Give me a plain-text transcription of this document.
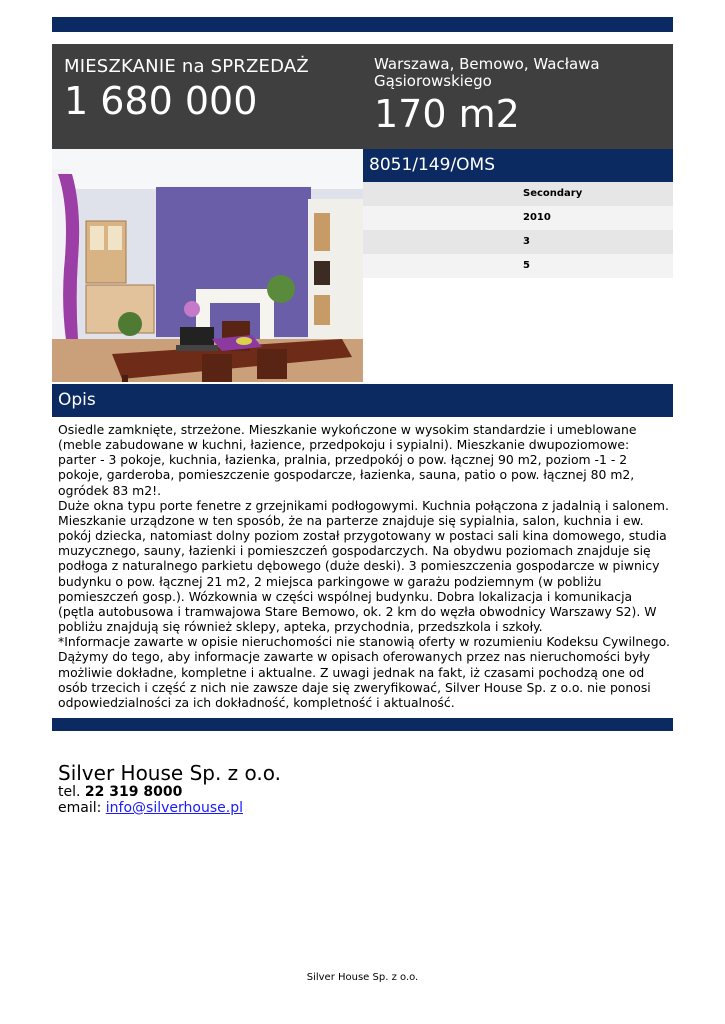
MIESZKANIE na SPRZEDAŻ
1 680 000
Warszawa, Bemowo, Wacława Gąsiorowskiego
170 m2
8051/149/OMS
Secondary
2010
3
5
Opis
Osiedle zamknięte, strzeżone. Mieszkanie wykończone w wysokim standardzie i umeblowane (meble zabudowane w kuchni, łazience, przedpokoju i sypialni). Mieszkanie dwupoziomowe: parter - 3 pokoje, kuchnia, łazienka, pralnia, przedpokój o pow. łącznej 90 m2, poziom -1 - 2 pokoje, garderoba, pomieszczenie gospodarcze, łazienka, sauna, patio o pow. łącznej 80 m2, ogródek 83 m2!.
Duże okna typu porte fenetre z grzejnikami podłogowymi. Kuchnia połączona z jadalnią i salonem. Mieszkanie urządzone w ten sposób, że na parterze znajduje się sypialnia, salon, kuchnia i ew. pokój dziecka, natomiast dolny poziom został przygotowany w postaci sali kina domowego, studia muzycznego, sauny, łazienki i pomieszczeń gospodarczych. Na obydwu poziomach znajduje się podłoga z naturalnego parkietu dębowego (duże deski). 3 pomieszczenia gospodarcze w piwnicy budynku o pow. łącznej 21 m2, 2 miejsca parkingowe w garażu podziemnym (w pobliżu pomieszczeń gosp.). Wózkownia w części wspólnej budynku. Dobra lokalizacja i komunikacja (pętla autobusowa i tramwajowa Stare Bemowo, ok. 2 km do węzła obwodnicy Warszawy S2). W pobliżu znajdują się również sklepy, apteka, przychodnia, przedszkola i szkoły.
*Informacje zawarte w opisie nieruchomości nie stanowią oferty w rozumieniu Kodeksu Cywilnego. Dążymy do tego, aby informacje zawarte w opisach oferowanych przez nas nieruchomości były możliwie dokładne, kompletne i aktualne. Z uwagi jednak na fakt, iż czasami pochodzą one od osób trzecich i część z nich nie zawsze daje się zweryfikować, Silver House Sp. z o.o. nie ponosi odpowiedzialności za ich dokładność, kompletność i aktualność.
Silver House Sp. z o.o.
tel. 22 319 8000
email: info@silverhouse.pl
Silver House Sp. z o.o.
